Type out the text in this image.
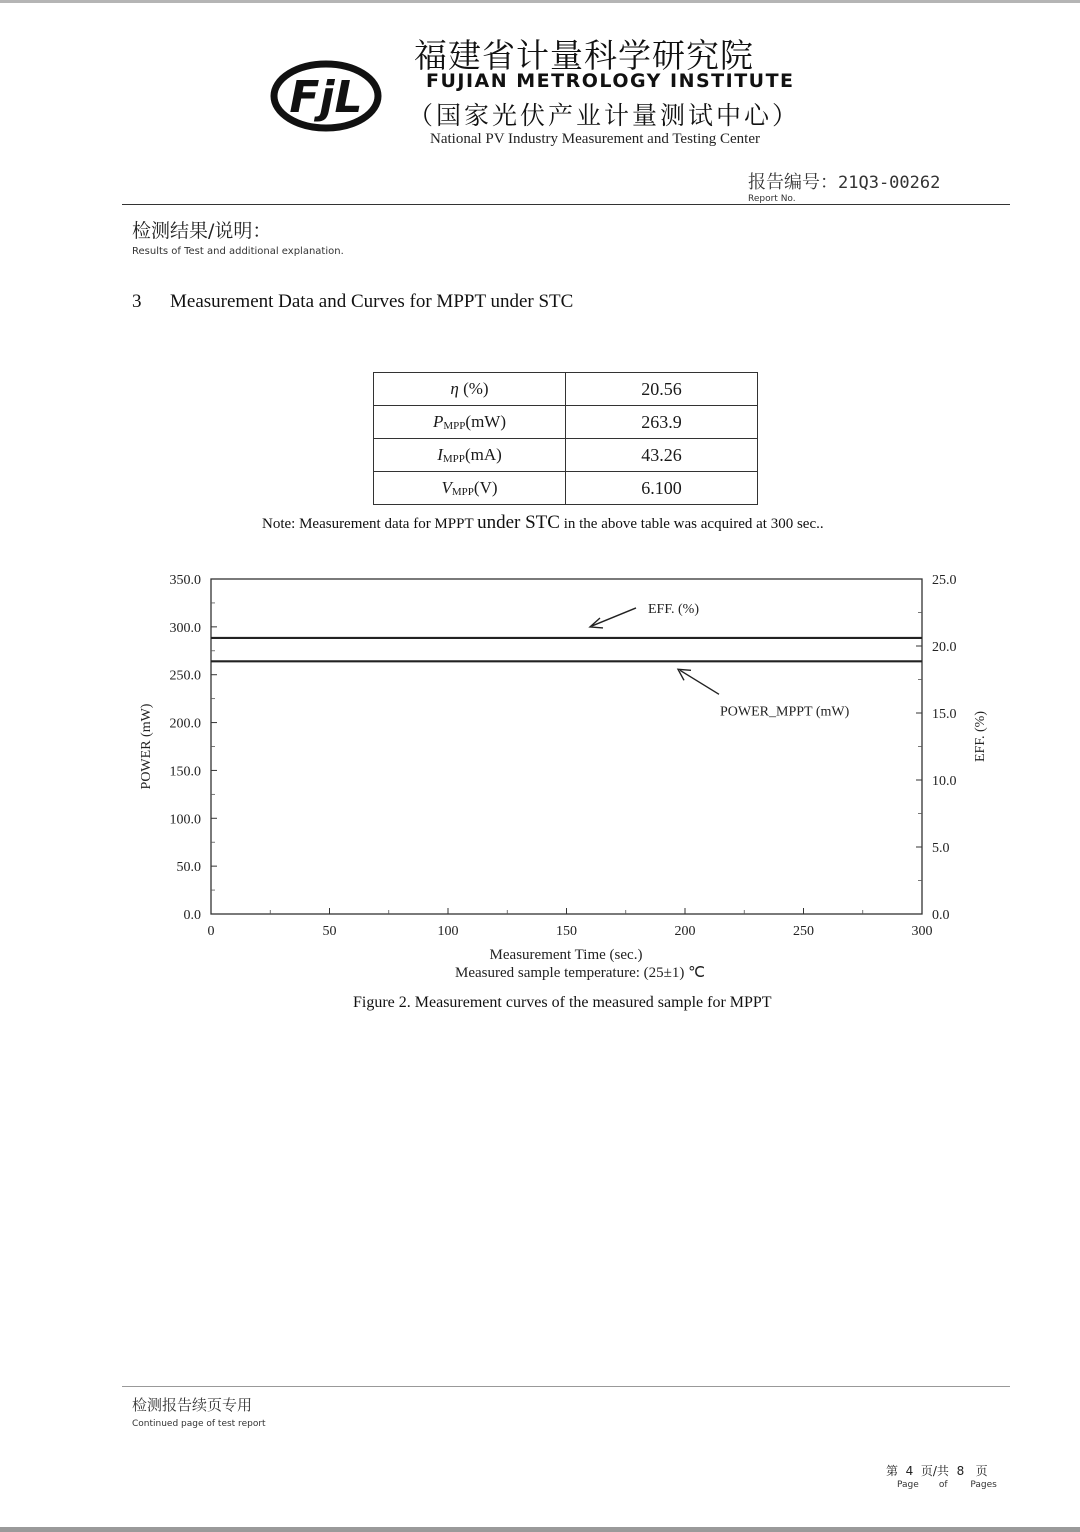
FjL
福建省计量科学研究院
FUJIAN METROLOGY INSTITUTE
（国家光伏产业计量测试中心）
National PV Industry Measurement and Testing Center
报告编号：21Q3-00262
Report No.
检测结果/说明：
Results of Test and additional explanation.
3 Measurement Data and Curves for MPPT under STC
η (%)	20.56
$P_{MPP}(mW)$	263.9
$I_{MPP}(mA)$	43.26
$V_{MPP}(V)$	6.100
Note: Measurement data for MPPT under STC in the above table was acquired at 300 sec..
0	50	100	150	200	250	300
0.0
50.0
100.0
150.0
200.0
250.0
300.0
350.0
0.0
5.0
10.0
15.0
20.0
25.0
EFF. (%)
POWER_MPPT (mW)
Measurement Time (sec.)
Measured sample temperature: (25±1) ℃
POWER (mW)	EFF. (%)
Figure 2. Measurement curves of the measured sample for MPPT
检测报告续页专用
Continued page of test report
第  4  页/共  8   页
Page       of        Pages
